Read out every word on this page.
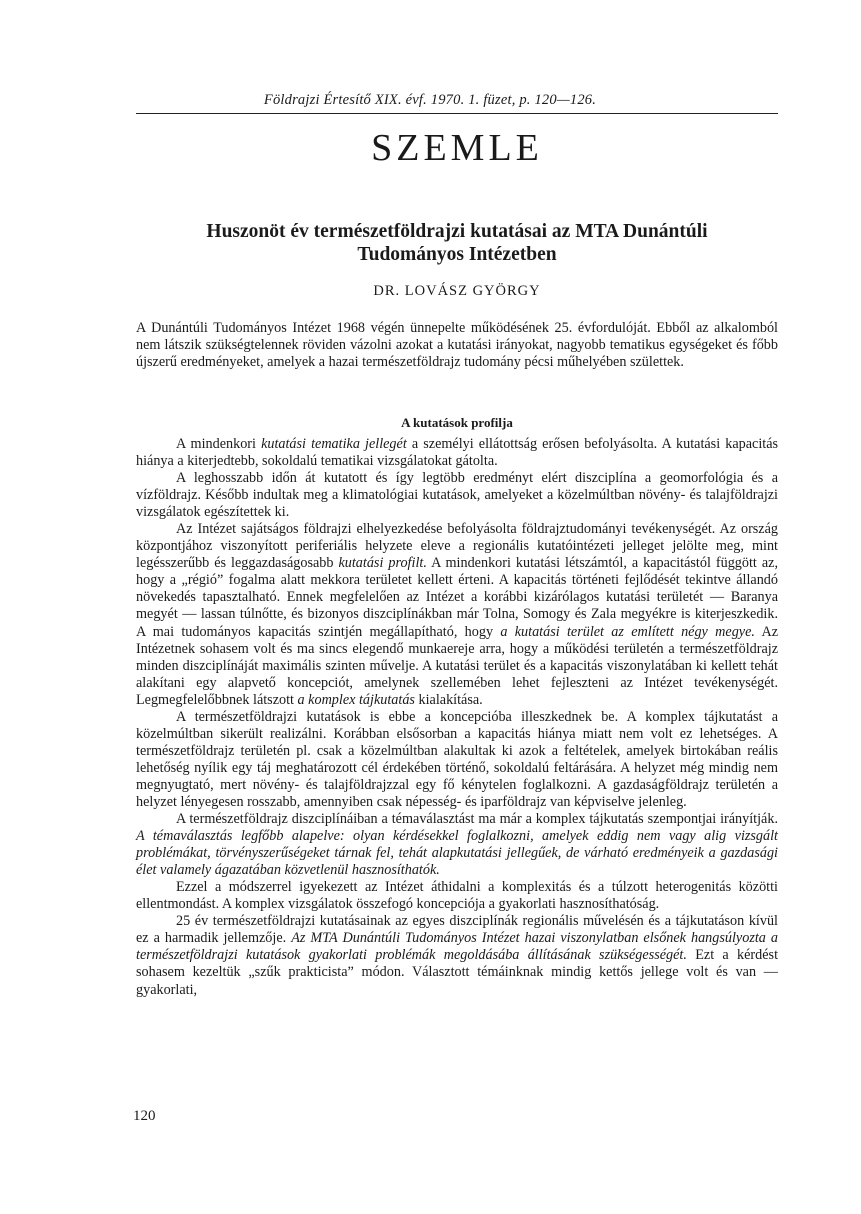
Földrajzi Értesítő XIX. évf. 1970. 1. füzet, p. 120—126.
SZEMLE
Huszonöt év természetföldrajzi kutatásai az MTA Dunántúli
Tudományos Intézetben
DR. LOVÁSZ GYÖRGY

A Dunántúli Tudományos Intézet 1968 végén ünnepelte működésének 25. évfordulóját. Ebből az alkalomból nem látszik szükségtelennek röviden vázolni azokat a kutatási irányokat, nagyobb tematikus egységeket és főbb újszerű eredményeket, amelyek a hazai természetföldrajz tudomány pécsi műhelyében születtek.

A kutatások profilja

A mindenkori kutatási tematika jellegét a személyi ellátottság erősen befolyásolta. A kutatási kapacitás hiánya a kiterjedtebb, sokoldalú tematikai vizsgálatokat gátolta.

A leghosszabb időn át kutatott és így legtöbb eredményt elért diszciplína a geomorfológia és a vízföldrajz. Később indultak meg a klimatológiai kutatások, amelyeket a közelmúltban növény- és talajföldrajzi vizsgálatok egészítettek ki.

Az Intézet sajátságos földrajzi elhelyezkedése befolyásolta földrajztudományi tevékenységét. Az ország központjához viszonyított periferiális helyzete eleve a regionális kutatóintézeti jelleget jelölte meg, mint legésszerűbb és leggazdaságosabb kutatási profilt. A mindenkori kutatási létszámtól, a kapacitástól függött az, hogy a „régió” fogalma alatt mekkora területet kellett érteni. A kapacitás történeti fejlődését tekintve állandó növekedés tapasztalható. Ennek megfelelően az Intézet a korábbi kizárólagos kutatási területét — Baranya megyét — lassan túlnőtte, és bizonyos diszciplínákban már Tolna, Somogy és Zala megyékre is kiterjeszkedik. A mai tudományos kapacitás szintjén megállapítható, hogy a kutatási terület az említett négy megye. Az Intézetnek sohasem volt és ma sincs elegendő munkaereje arra, hogy a működési területén a természetföldrajz minden diszciplínáját maximális szinten művelje. A kutatási terület és a kapacitás viszonylatában ki kellett tehát alakítani egy alapvető koncepciót, amelynek szellemében lehet fejleszteni az Intézet tevékenységét. Legmegfelelőbbnek látszott a komplex tájkutatás kialakítása.

A természetföldrajzi kutatások is ebbe a koncepcióba illeszkednek be. A komplex tájkutatást a közelmúltban sikerült realizálni. Korábban elsősorban a kapacitás hiánya miatt nem volt ez lehetséges. A természetföldrajz területén pl. csak a közelmúltban alakultak ki azok a feltételek, amelyek birtokában reális lehetőség nyílik egy táj meghatározott cél érdekében történő, sokoldalú feltárására. A helyzet még mindig nem megnyugtató, mert növény- és talajföldrajzzal egy fő kénytelen foglalkozni. A gazdaságföldrajz területén a helyzet lényegesen rosszabb, amennyiben csak népesség- és iparföldrajz van képviselve jelenleg.

A természetföldrajz diszciplínáiban a témaválasztást ma már a komplex tájkutatás szempontjai irányítják. A témaválasztás legfőbb alapelve: olyan kérdésekkel foglalkozni, amelyek eddig nem vagy alig vizsgált problémákat, törvényszerűségeket tárnak fel, tehát alapkutatási jellegűek, de várható eredményeik a gazdasági élet valamely ágazatában közvetlenül hasznosíthatók.

Ezzel a módszerrel igyekezett az Intézet áthidalni a komplexitás és a túlzott heterogenitás közötti ellentmondást. A komplex vizsgálatok összefogó koncepciója a gyakorlati hasznosíthatóság.

25 év természetföldrajzi kutatásainak az egyes diszciplínák regionális művelésén és a tájkutatáson kívül ez a harmadik jellemzője. Az MTA Dunántúli Tudományos Intézet hazai viszonylatban elsőnek hangsúlyozta a természetföldrajzi kutatások gyakorlati problémák megoldásába állításának szükségességét. Ezt a kérdést sohasem kezeltük „szűk prakticista” módon. Választott témáinknak mindig kettős jellege volt és van — gyakorlati,

120
